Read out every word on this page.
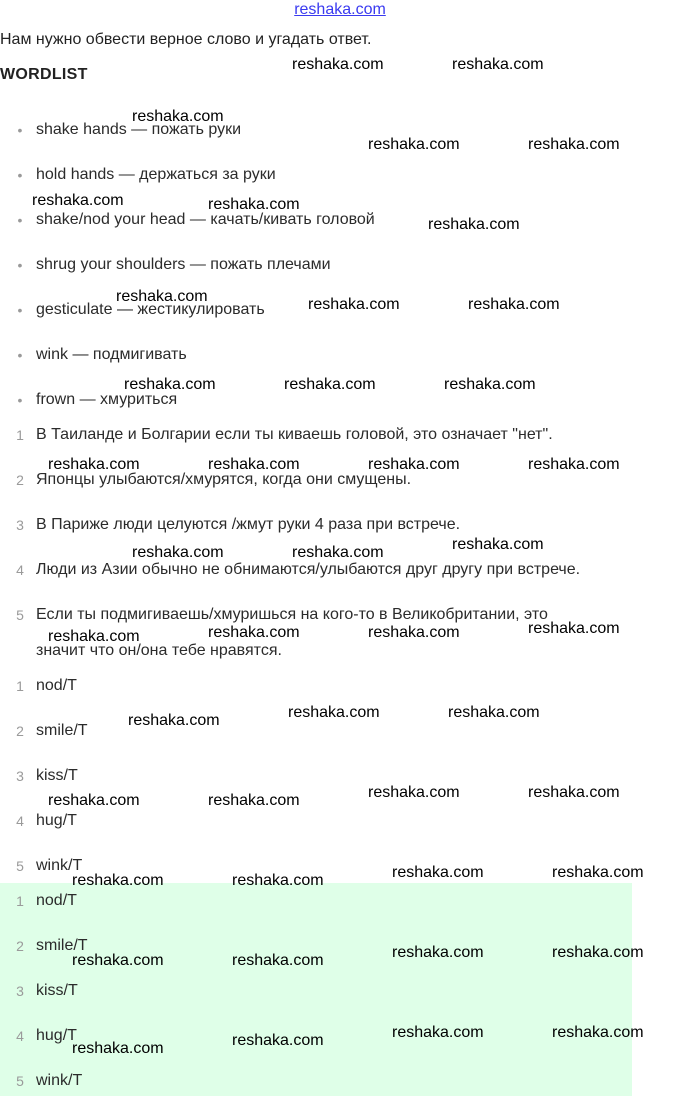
reshaka.com
Нам нужно обвести верное слово и угадать ответ.
WORDLIST
• shake hands — пожать руки
• hold hands — держаться за руки
• shake/nod your head — качать/кивать головой
• shrug your shoulders — пожать плечами
• gesticulate — жестикулировать
• wink — подмигивать
• frown — хмуриться
1 В Таиланде и Болгарии если ты киваешь головой, это означает "нет".
2 Японцы улыбаются/хмурятся, когда они смущены.
3 В Париже люди целуются /жмут руки 4 раза при встрече.
4 Люди из Азии обычно не обнимаются/улыбаются друг другу при встрече.
5 Если ты подмигиваешь/хмуришься на кого-то в Великобритании, это
значит что он/она тебе нравятся.
1 nod/T
2 smile/T
3 kiss/T
4 hug/T
5 wink/T
1 nod/T
2 smile/T
3 kiss/T
4 hug/T
5 wink/T
reshaka.com	reshaka.com
reshaka.com
reshaka.com	reshaka.com
reshaka.com	reshaka.com
reshaka.com
reshaka.com	reshaka.com	reshaka.com
reshaka.com	reshaka.com	reshaka.com
reshaka.com	reshaka.com	reshaka.com	reshaka.com
reshaka.com
reshaka.com	reshaka.com
reshaka.com
reshaka.com	reshaka.com
reshaka.com
reshaka.com	reshaka.com
reshaka.com
reshaka.com	reshaka.com
reshaka.com	reshaka.com
reshaka.com	reshaka.com
reshaka.com	reshaka.com
reshaka.com	reshaka.com
reshaka.com	reshaka.com
reshaka.com	reshaka.com
reshaka.com
reshaka.com
